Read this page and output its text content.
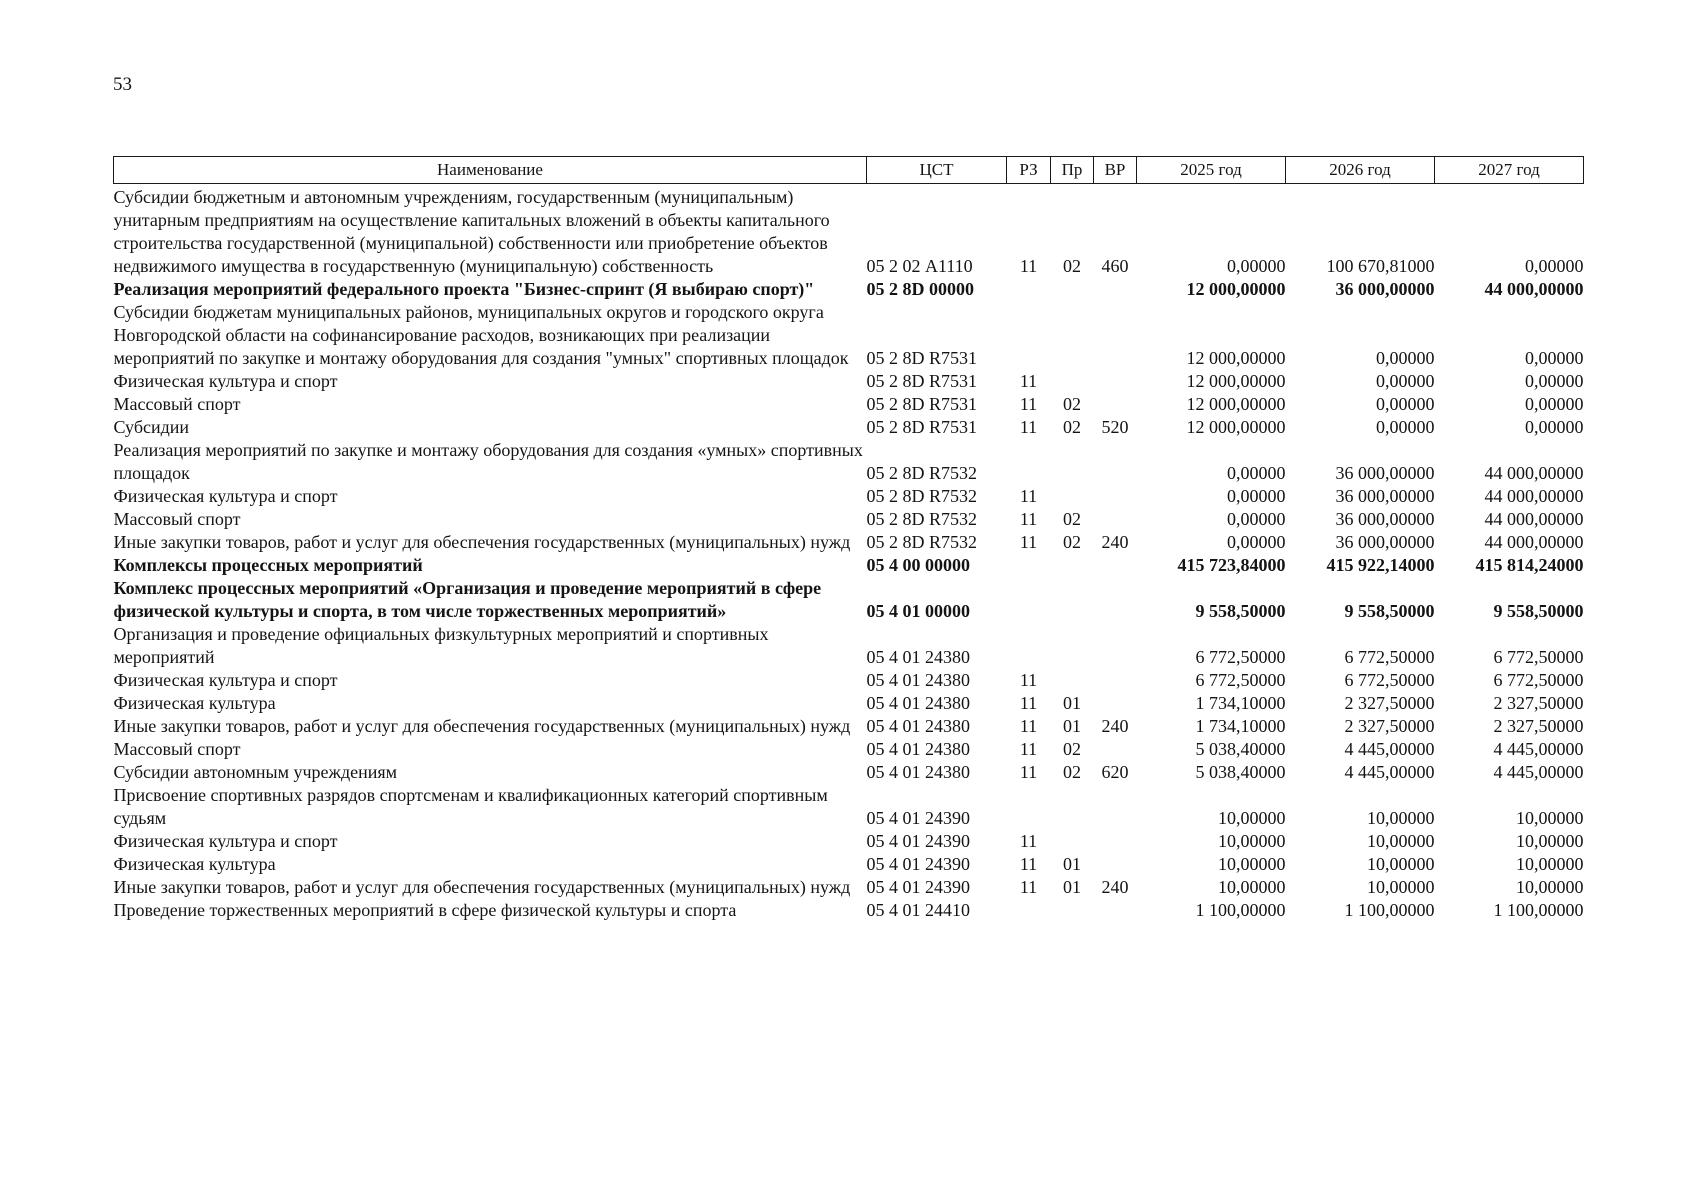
53
Наименование	ЦСТ	РЗ	Пр	ВР	2025 год	2026 год	2027 год
Субсидии бюджетным и автономным учреждениям, государственным (муниципальным) унитарным предприятиям на осуществление капитальных вложений в объекты капитального строительства государственной (муниципальной) собственности или приобретение объектов недвижимого имущества в государственную (муниципальную) собственность	05 2 02 А1110	11	02	460	0,00000	100 670,81000	0,00000
Реализация мероприятий федерального проекта "Бизнес-спринт (Я выбираю спорт)"	05 2 8D 00000				12 000,00000	36 000,00000	44 000,00000
Субсидии бюджетам муниципальных районов, муниципальных округов и городского округа Новгородской области на софинансирование расходов, возникающих при реализации мероприятий по закупке и монтажу оборудования для создания "умных" спортивных площадок	05 2 8D R7531				12 000,00000	0,00000	0,00000
Физическая культура и спорт	05 2 8D R7531	11			12 000,00000	0,00000	0,00000
Массовый спорт	05 2 8D R7531	11	02		12 000,00000	0,00000	0,00000
Субсидии	05 2 8D R7531	11	02	520	12 000,00000	0,00000	0,00000
Реализация мероприятий по закупке и монтажу оборудования для создания «умных» спортивных площадок	05 2 8D R7532				0,00000	36 000,00000	44 000,00000
Физическая культура и спорт	05 2 8D R7532	11			0,00000	36 000,00000	44 000,00000
Массовый спорт	05 2 8D R7532	11	02		0,00000	36 000,00000	44 000,00000
Иные закупки товаров, работ и услуг для обеспечения государственных (муниципальных) нужд	05 2 8D R7532	11	02	240	0,00000	36 000,00000	44 000,00000
Комплексы процессных мероприятий	05 4 00 00000				415 723,84000	415 922,14000	415 814,24000
Комплекс процессных мероприятий «Организация и проведение мероприятий в сфере физической культуры и спорта, в том числе торжественных мероприятий»	05 4 01 00000				9 558,50000	9 558,50000	9 558,50000
Организация и проведение официальных физкультурных мероприятий и спортивных мероприятий	05 4 01 24380				6 772,50000	6 772,50000	6 772,50000
Физическая культура и спорт	05 4 01 24380	11			6 772,50000	6 772,50000	6 772,50000
Физическая культура	05 4 01 24380	11	01		1 734,10000	2 327,50000	2 327,50000
Иные закупки товаров, работ и услуг для обеспечения государственных (муниципальных) нужд	05 4 01 24380	11	01	240	1 734,10000	2 327,50000	2 327,50000
Массовый спорт	05 4 01 24380	11	02		5 038,40000	4 445,00000	4 445,00000
Субсидии автономным учреждениям	05 4 01 24380	11	02	620	5 038,40000	4 445,00000	4 445,00000
Присвоение спортивных разрядов спортсменам и квалификационных категорий спортивным судьям	05 4 01 24390				10,00000	10,00000	10,00000
Физическая культура и спорт	05 4 01 24390	11			10,00000	10,00000	10,00000
Физическая культура	05 4 01 24390	11	01		10,00000	10,00000	10,00000
Иные закупки товаров, работ и услуг для обеспечения государственных (муниципальных) нужд	05 4 01 24390	11	01	240	10,00000	10,00000	10,00000
Проведение торжественных мероприятий в сфере физической культуры и спорта	05 4 01 24410				1 100,00000	1 100,00000	1 100,00000
